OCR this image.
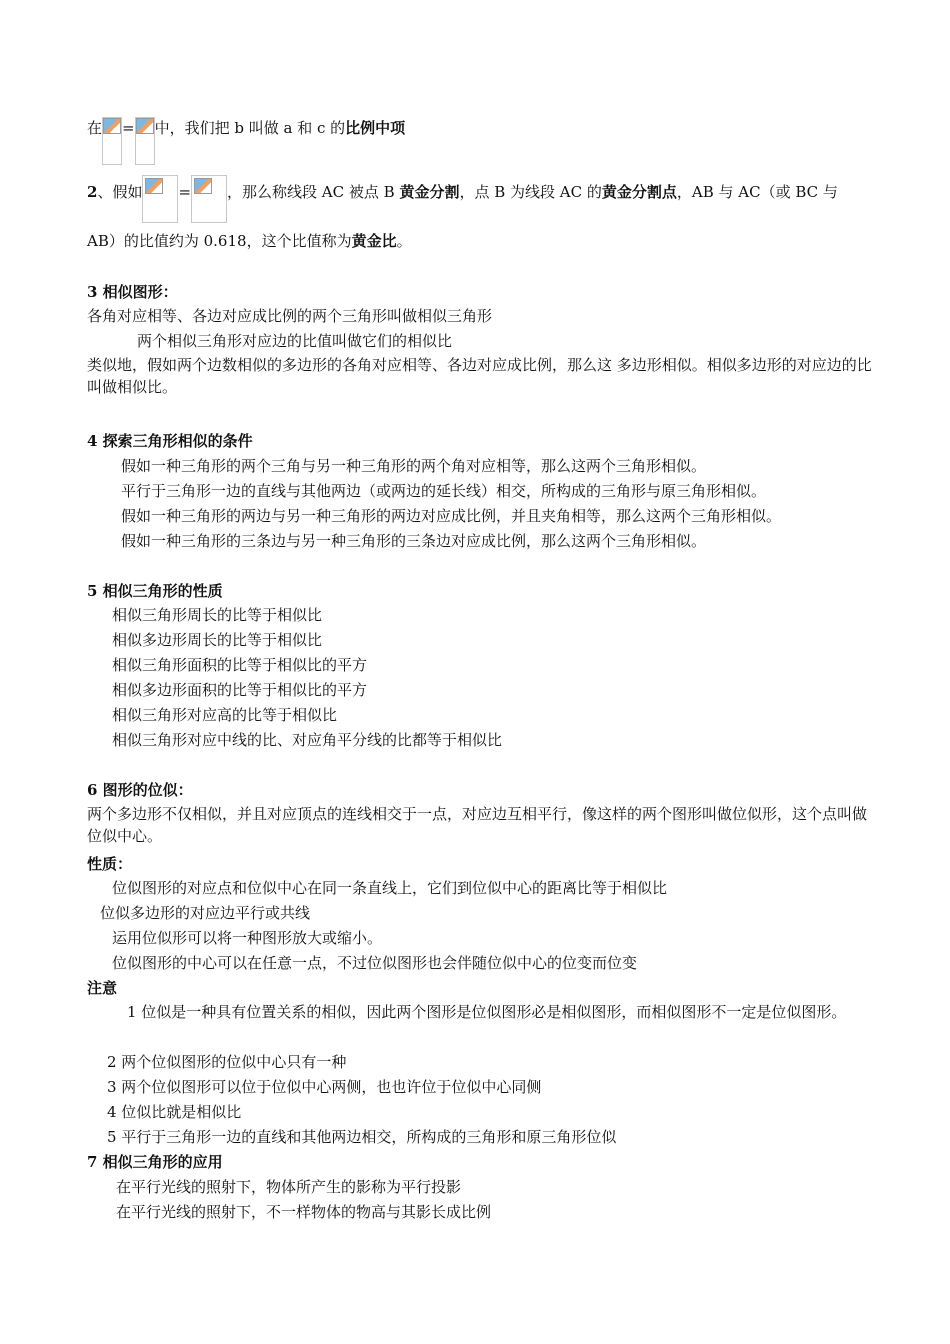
在 = 中，我们把 b 叫做 a 和 c 的比例中项
2、假如 = ，那么称线段 AC 被点 B 黄金分割，点 B 为线段 AC 的黄金分割点，AB 与 AC（或 BC 与
AB）的比值约为 0.618，这个比值称为黄金比。
3 相似图形：
各角对应相等、各边对应成比例的两个三角形叫做相似三角形
两个相似三角形对应边的比值叫做它们的相似比
类似地，假如两个边数相似的多边形的各角对应相等、各边对应成比例，那么这 多边形相似。相似多边形的对应边的比叫做相似比。
4 探索三角形相似的条件
假如一种三角形的两个三角与另一种三角形的两个角对应相等，那么这两个三角形相似。
平行于三角形一边的直线与其他两边（或两边的延长线）相交，所构成的三角形与原三角形相似。
假如一种三角形的两边与另一种三角形的两边对应成比例，并且夹角相等，那么这两个三角形相似。
假如一种三角形的三条边与另一种三角形的三条边对应成比例，那么这两个三角形相似。
5 相似三角形的性质
相似三角形周长的比等于相似比
相似多边形周长的比等于相似比
相似三角形面积的比等于相似比的平方
相似多边形面积的比等于相似比的平方
相似三角形对应高的比等于相似比
相似三角形对应中线的比、对应角平分线的比都等于相似比
6 图形的位似：
两个多边形不仅相似，并且对应顶点的连线相交于一点，对应边互相平行，像这样的两个图形叫做位似形，这个点叫做位似中心。
性质：
位似图形的对应点和位似中心在同一条直线上，它们到位似中心的距离比等于相似比
位似多边形的对应边平行或共线
运用位似形可以将一种图形放大或缩小。
位似图形的中心可以在任意一点，不过位似图形也会伴随位似中心的位变而位变
注意
1 位似是一种具有位置关系的相似，因此两个图形是位似图形必是相似图形，而相似图形不一定是位似图形。
2 两个位似图形的位似中心只有一种
3 两个位似图形可以位于位似中心两侧，也也许位于位似中心同侧
4 位似比就是相似比
5 平行于三角形一边的直线和其他两边相交，所构成的三角形和原三角形位似
7 相似三角形的应用
在平行光线的照射下，物体所产生的影称为平行投影
在平行光线的照射下，不一样物体的物高与其影长成比例
